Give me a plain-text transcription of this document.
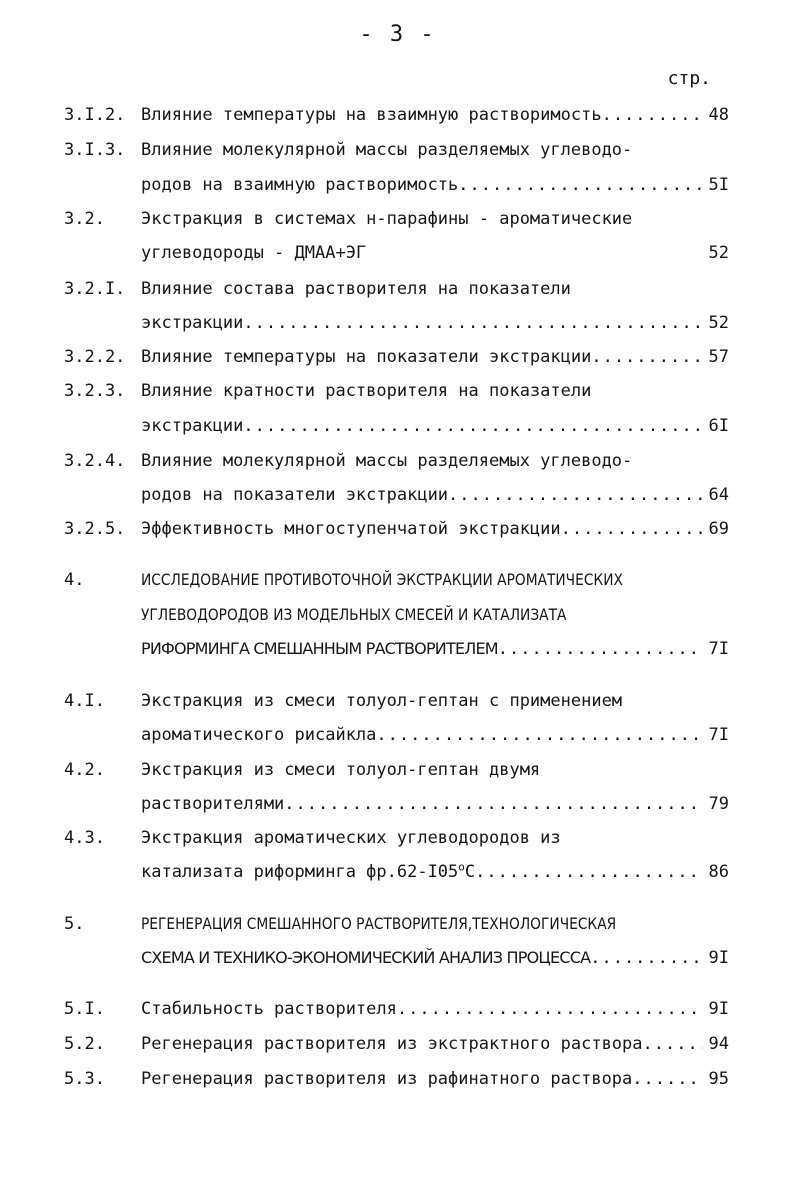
- 3 -
стр.
3.I.2. Влияние температуры на взаимную растворимость .....	48
3.I.3. Влияние молекулярной массы разделяемых углеводо-
родов на взаимную растворимость .....	5I
3.2. Экстракция в системах н-парафины - ароматические
углеводороды - ДМАА+ЭГ	52
3.2.I. Влияние состава растворителя на показатели
экстракции .....	52
3.2.2. Влияние температуры на показатели экстракции .....	57
3.2.3. Влияние кратности растворителя на показатели
экстракции .....	6I
3.2.4. Влияние молекулярной массы разделяемых углеводо-
родов на показатели экстракции .....	64
3.2.5. Эффективность многоступенчатой экстракции .....	69
4.	ИССЛЕДОВАНИЕ ПРОТИВОТОЧНОЙ ЭКСТРАКЦИИ АРОМАТИЧЕСКИХ
УГЛЕВОДОРОДОВ ИЗ МОДЕЛЬНЫХ СМЕСЕЙ И КАТАЛИЗАТА
РИФОРМИНГА СМЕШАННЫМ РАСТВОРИТЕЛЕМ .....	7I
4.I. Экстракция из смеси толуол-гептан с применением
ароматического рисайкла .....	7I
4.2. Экстракция из смеси толуол-гептан двумя
растворителями .....	79
4.3. Экстракция ароматических углеводородов из
катализата риформинга фр.62-I05$^o$С .....	86
5.	РЕГЕНЕРАЦИЯ СМЕШАННОГО РАСТВОРИТЕЛЯ,ТЕХНОЛОГИЧЕСКАЯ
СХЕМА И ТЕХНИКО-ЭКОНОМИЧЕСКИЙ АНАЛИЗ ПРОЦЕССА .....	9I
5.I. Стабильность растворителя .....	9I
5.2. Регенерация растворителя из экстрактного раствора .....	94
5.3. Регенерация растворителя из рафинатного раствора .....	95
